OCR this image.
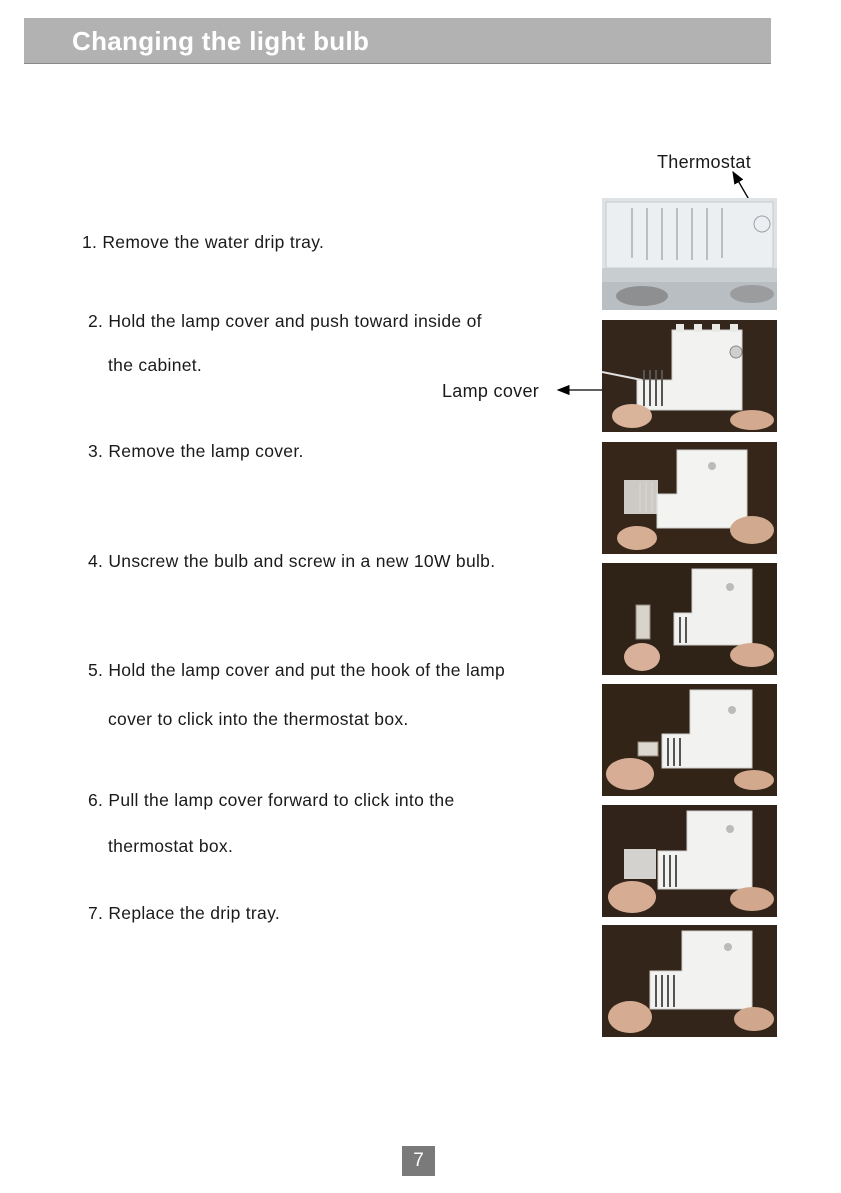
Changing the light bulb
1. Remove the water drip tray.
2. Hold the lamp cover and push toward inside of
the cabinet.
3. Remove the lamp cover.
4. Unscrew the bulb and screw in a new 10W bulb.
5. Hold the lamp cover and put the hook of the lamp
cover to click into the thermostat box.
6. Pull the lamp cover forward to click into the
thermostat box.
7. Replace the drip tray.
Thermostat
Lamp cover
7
